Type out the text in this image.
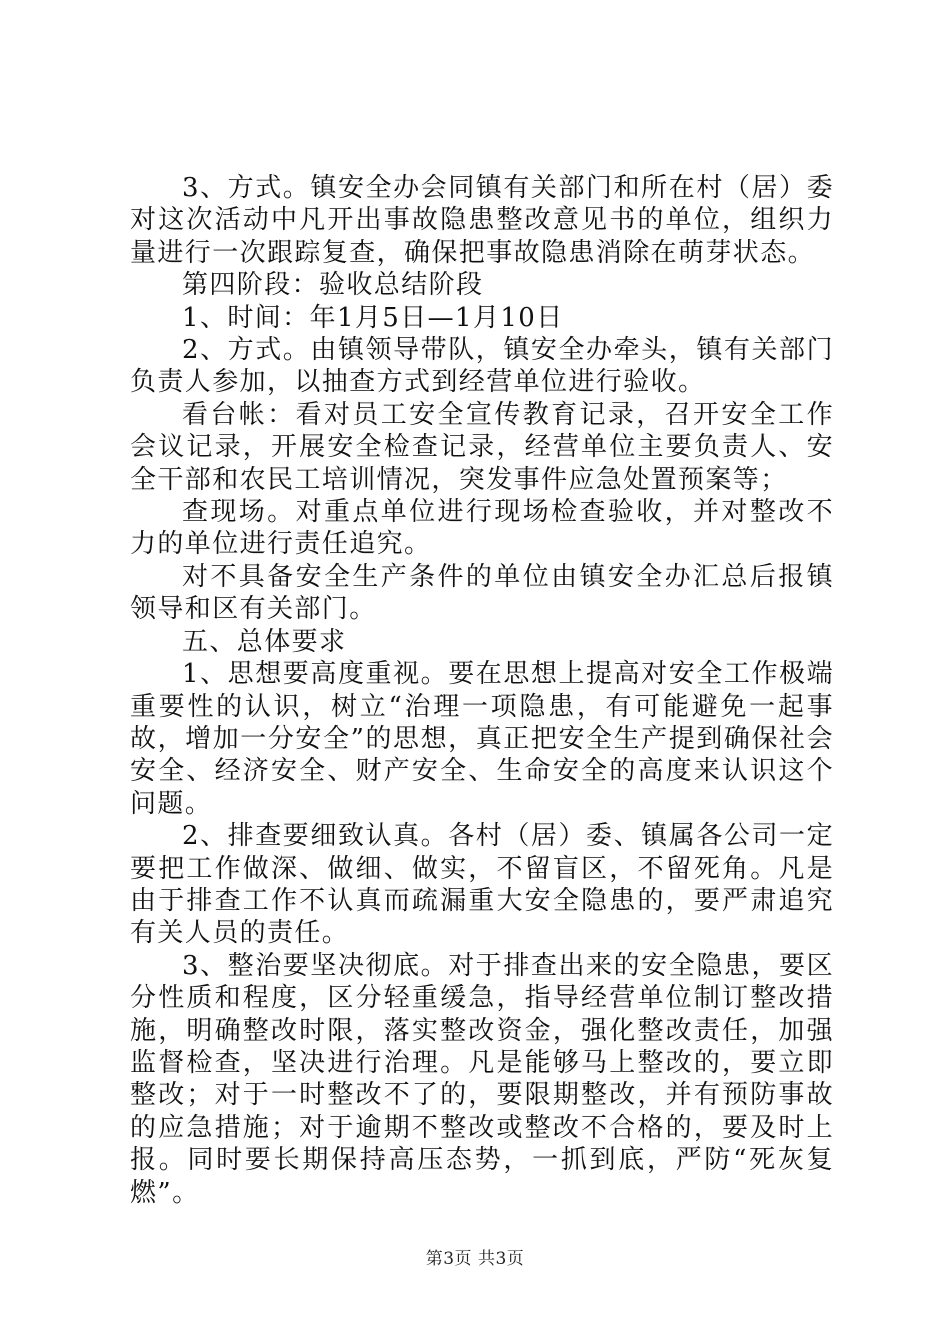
3、方式。镇安全办会同镇有关部门和所在村（居）委对这次活动中凡开出事故隐患整改意见书的单位，组织力量进行一次跟踪复查，确保把事故隐患消除在萌芽状态。

第四阶段：验收总结阶段

1、时间：年1月5日—1月10日

2、方式。由镇领导带队，镇安全办牵头，镇有关部门负责人参加，以抽查方式到经营单位进行验收。

看台帐：看对员工安全宣传教育记录，召开安全工作会议记录，开展安全检查记录，经营单位主要负责人、安全干部和农民工培训情况，突发事件应急处置预案等；

查现场。对重点单位进行现场检查验收，并对整改不力的单位进行责任追究。

对不具备安全生产条件的单位由镇安全办汇总后报镇领导和区有关部门。

五、总体要求

1、思想要高度重视。要在思想上提高对安全工作极端重要性的认识，树立“治理一项隐患，有可能避免一起事故，增加一分安全”的思想，真正把安全生产提到确保社会安全、经济安全、财产安全、生命安全的高度来认识这个问题。

2、排查要细致认真。各村（居）委、镇属各公司一定要把工作做深、做细、做实，不留盲区，不留死角。凡是由于排查工作不认真而疏漏重大安全隐患的，要严肃追究有关人员的责任。

3、整治要坚决彻底。对于排查出来的安全隐患，要区分性质和程度，区分轻重缓急，指导经营单位制订整改措施，明确整改时限，落实整改资金，强化整改责任，加强监督检查，坚决进行治理。凡是能够马上整改的，要立即整改；对于一时整改不了的，要限期整改，并有预防事故的应急措施；对于逾期不整改或整改不合格的，要及时上报。同时要长期保持高压态势，一抓到底，严防“死灰复燃”。

第3页 共3页
